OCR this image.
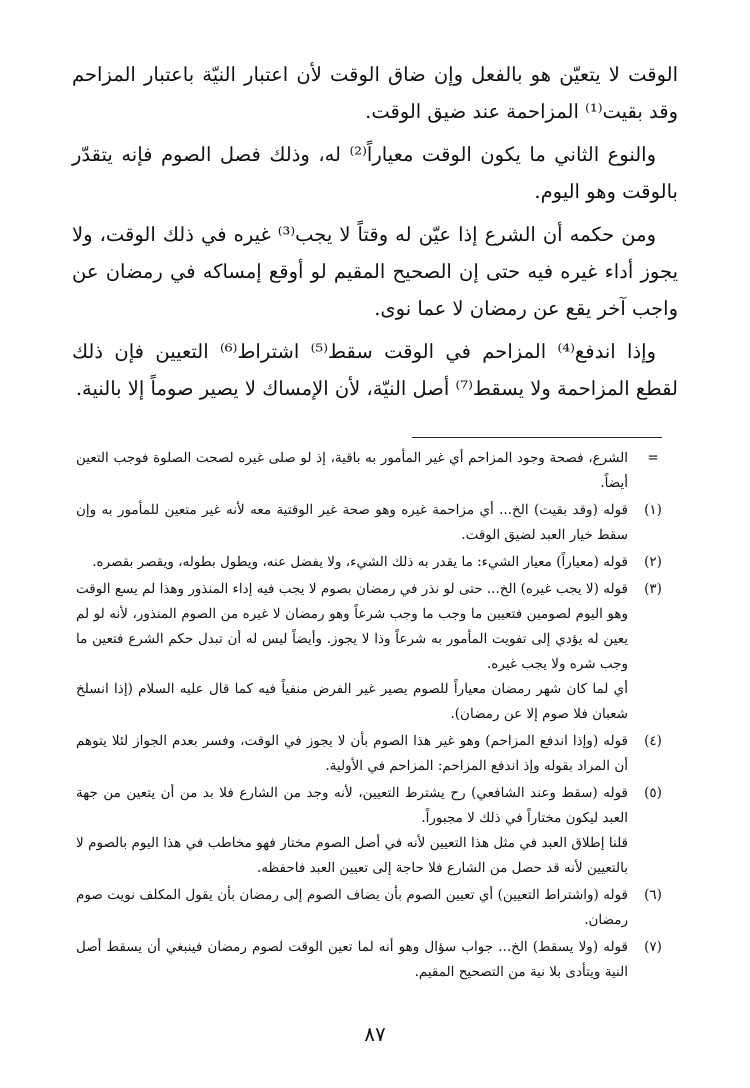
الوقت لا يتعيّن هو بالفعل وإن ضاق الوقت لأن اعتبار النيّة باعتبار المزاحم وقد بقيت⁽¹⁾ المزاحمة عند ضيق الوقت.

والنوع الثاني ما يكون الوقت معياراً⁽²⁾ له، وذلك فصل الصوم فإنه يتقدّر بالوقت وهو اليوم.

ومن حكمه أن الشرع إذا عيّن له وقتاً لا يجب⁽³⁾ غيره في ذلك الوقت، ولا يجوز أداء غيره فيه حتى إن الصحيح المقيم لو أوقع إمساكه في رمضان عن واجب آخر يقع عن رمضان لا عما نوى.

وإذا اندفع⁽⁴⁾ المزاحم في الوقت سقط⁽⁵⁾ اشتراط⁽⁶⁾ التعيين فإن ذلك لقطع المزاحمة ولا يسقط⁽⁷⁾ أصل النيّة، لأن الإمساك لا يصير صوماً إلا بالنية.

=
الشرع، فصحة وجود المزاحم أي غير المأمور به باقية، إذ لو صلى غيره لصحت الصلوة فوجب التعين أيضاً.
(١)
قوله (وقد بقيت) الخ... أي مزاحمة غيره وهو صحة غير الوقتية معه لأنه غير متعين للمأمور به وإن سقط خيار العبد لضيق الوقت.
(٢)
قوله (معياراً) معيار الشيء: ما يقدر به ذلك الشيء، ولا يفضل عنه، ويطول بطوله، ويقصر بقصره.
(٣)
قوله (لا يجب غيره) الخ... حتى لو نذر في رمضان بصوم لا يجب فيه إداء المنذور وهذا لم يسع الوقت وهو اليوم لصومين فتعيين ما وجب ما وجب شرعاً وهو رمضان لا غيره من الصوم المنذور، لأنه لو لم يعين له يؤدي إلى تفويت المأمور به شرعاً وذا لا يجوز. وأيضاً ليس له أن تبدل حكم الشرع فتعين ما وجب شره ولا يجب غيره.
أي لما كان شهر رمضان معياراً للصوم يصير غير الفرض منفياً فيه كما قال عليه السلام (إذا انسلخ شعبان فلا صوم إلا عن رمضان).
(٤)
قوله (وإذا اندفع المزاحم) وهو غير هذا الصوم بأن لا يجوز في الوقت، وفسر بعدم الجواز لئلا يتوهم أن المراد بقوله وإذ اندفع المزاحم: المزاحم في الأولية.
(٥)
قوله (سقط وعند الشافعي) رح يشترط التعيين، لأنه وجد من الشارع فلا بد من أن يتعين من جهة العبد ليكون مختاراً في ذلك لا مجبوراً.
قلنا إطلاق العبد في مثل هذا التعيين لأنه في أصل الصوم مختار فهو مخاطب في هذا اليوم بالصوم لا بالتعيين لأنه قد حصل من الشارع فلا حاجة إلى تعيين العبد فاحفظه.
(٦)
قوله (واشتراط التعيين) أي تعيين الصوم بأن يضاف الصوم إلى رمضان بأن يقول المكلف نويت صوم رمضان.
(٧)
قوله (ولا يسقط) الخ... جواب سؤال وهو أنه لما تعين الوقت لصوم رمضان فينبغي أن يسقط أصل النية ويتأدى بلا نية من التصحيح المقيم.
٨٧
